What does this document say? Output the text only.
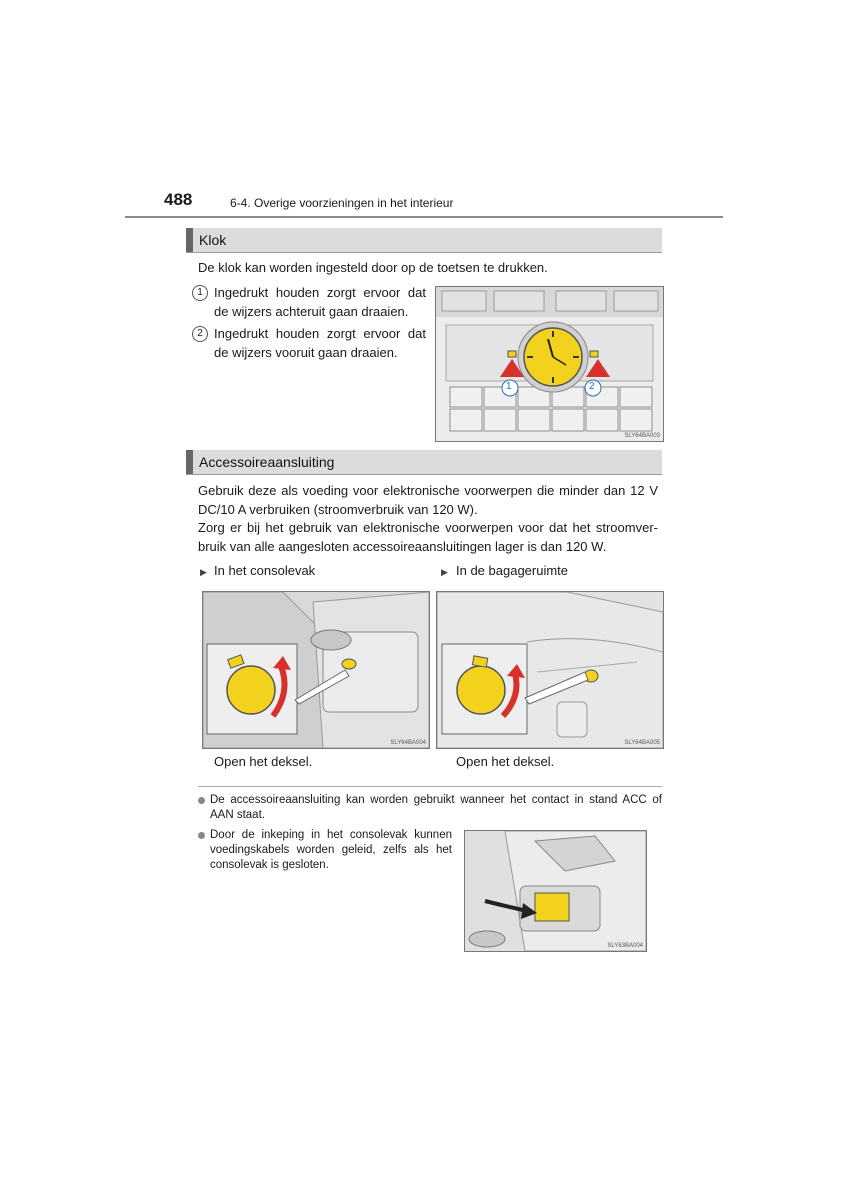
488	6-4. Overige voorzieningen in het interieur
Klok
De klok kan worden ingesteld door op de toetsen te drukken.
1 Ingedrukt houden zorgt ervoor dat
de wijzers achteruit gaan draaien.
2 Ingedrukt houden zorgt ervoor dat
de wijzers vooruit gaan draaien.
1	2
SLY64BA003
Accessoireaansluiting
Gebruik deze als voeding voor elektronische voorwerpen die minder dan 12 V
DC/10 A verbruiken (stroomverbruik van 120 W).
Zorg er bij het gebruik van elektronische voorwerpen voor dat het stroomver-
bruik van alle aangesloten accessoireaansluitingen lager is dan 120 W.
▶ In het consolevak	▶ In de bagageruimte
SLY64BA004	SLY64BA005
Open het deksel.	Open het deksel.
De accessoireaansluiting kan worden gebruikt wanneer het contact in stand ACC of
AAN staat.
Door de inkeping in het consolevak kunnen
voedingskabels worden geleid, zelfs als het
consolevak is gesloten.
SLY63BA004
